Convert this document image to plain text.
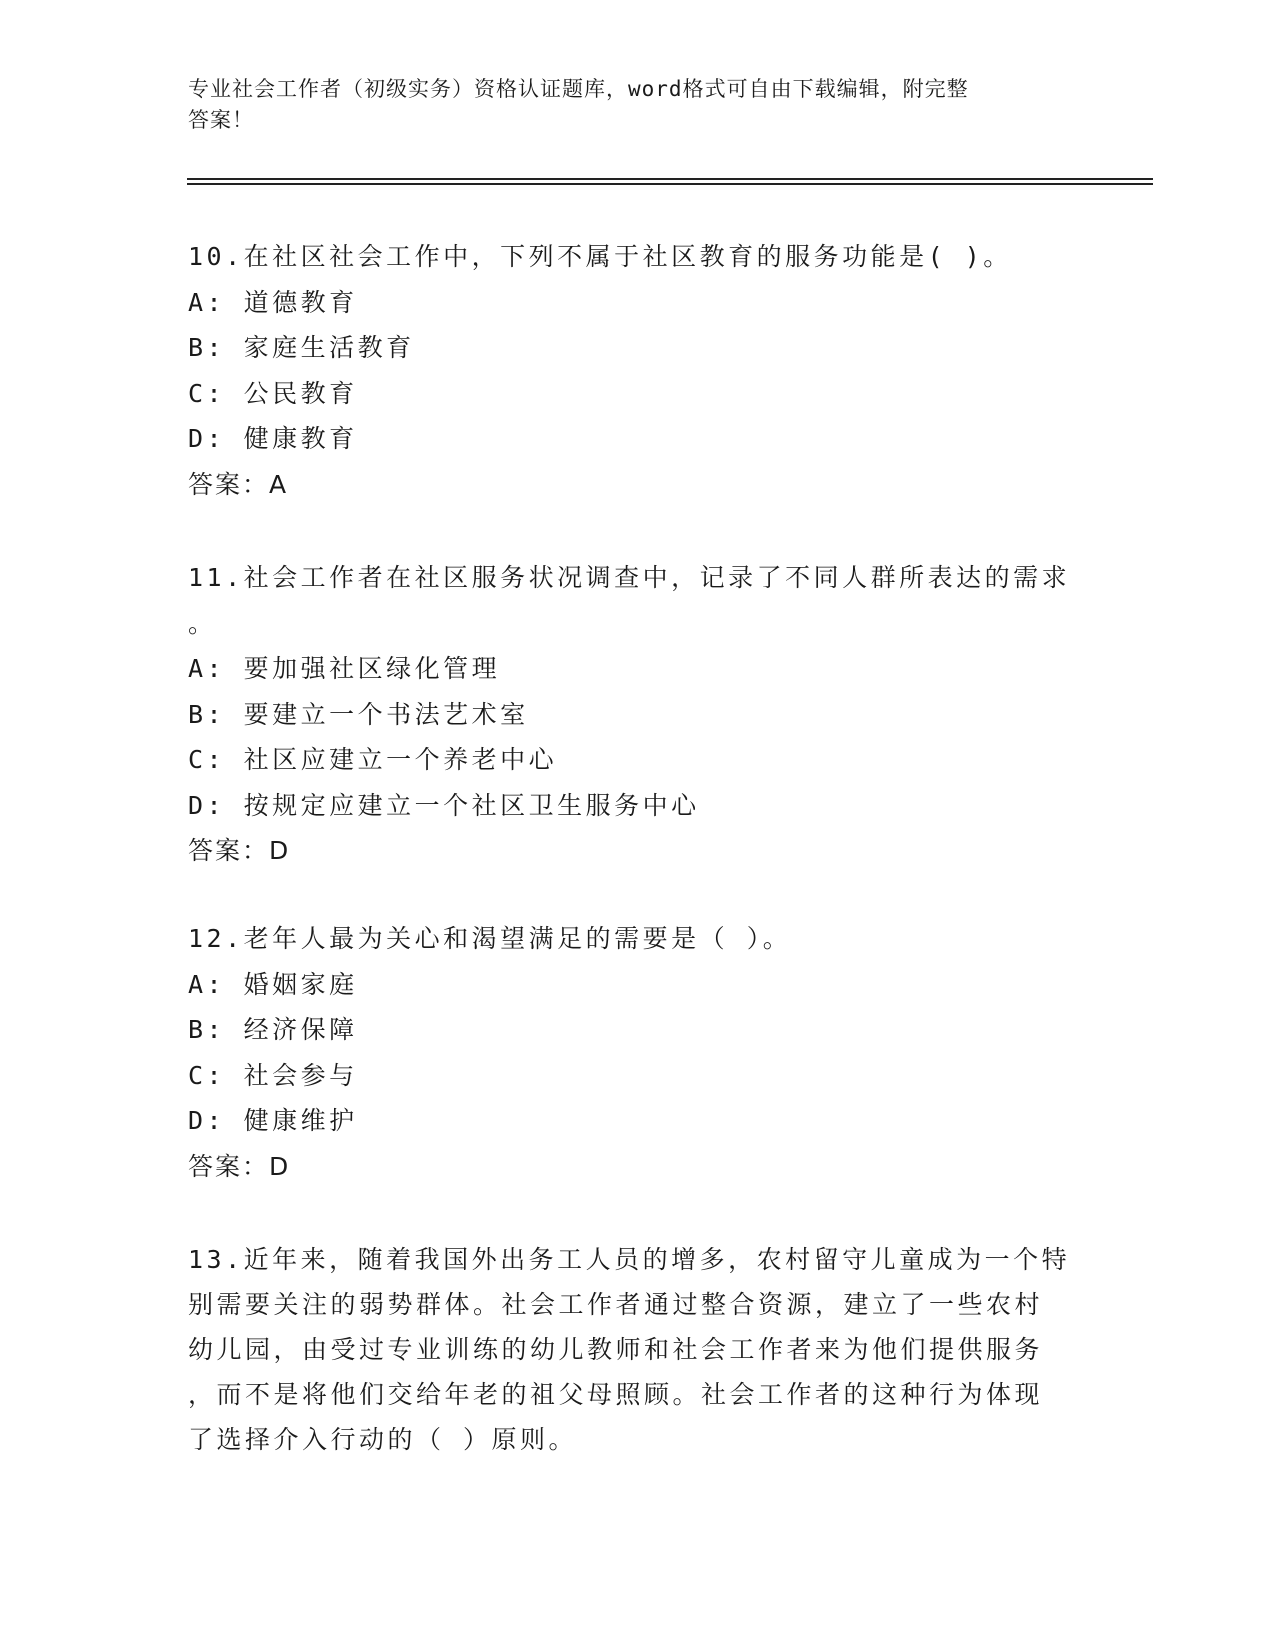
专业社会工作者（初级实务）资格认证题库，word格式可自由下载编辑，附完整
答案！
10.在社区社会工作中，下列不属于社区教育的服务功能是( )。
A: 道德教育
B: 家庭生活教育
C: 公民教育
D: 健康教育
答案：A
11.社会工作者在社区服务状况调查中，记录了不同人群所表达的需求
。
A: 要加强社区绿化管理
B: 要建立一个书法艺术室
C: 社区应建立一个养老中心
D: 按规定应建立一个社区卫生服务中心
答案：D
12.老年人最为关心和渴望满足的需要是（ ）。
A: 婚姻家庭
B: 经济保障
C: 社会参与
D: 健康维护
答案：D
13.近年来，随着我国外出务工人员的增多，农村留守儿童成为一个特
别需要关注的弱势群体。社会工作者通过整合资源，建立了一些农村
幼儿园，由受过专业训练的幼儿教师和社会工作者来为他们提供服务
，而不是将他们交给年老的祖父母照顾。社会工作者的这种行为体现
了选择介入行动的（ ）原则。
